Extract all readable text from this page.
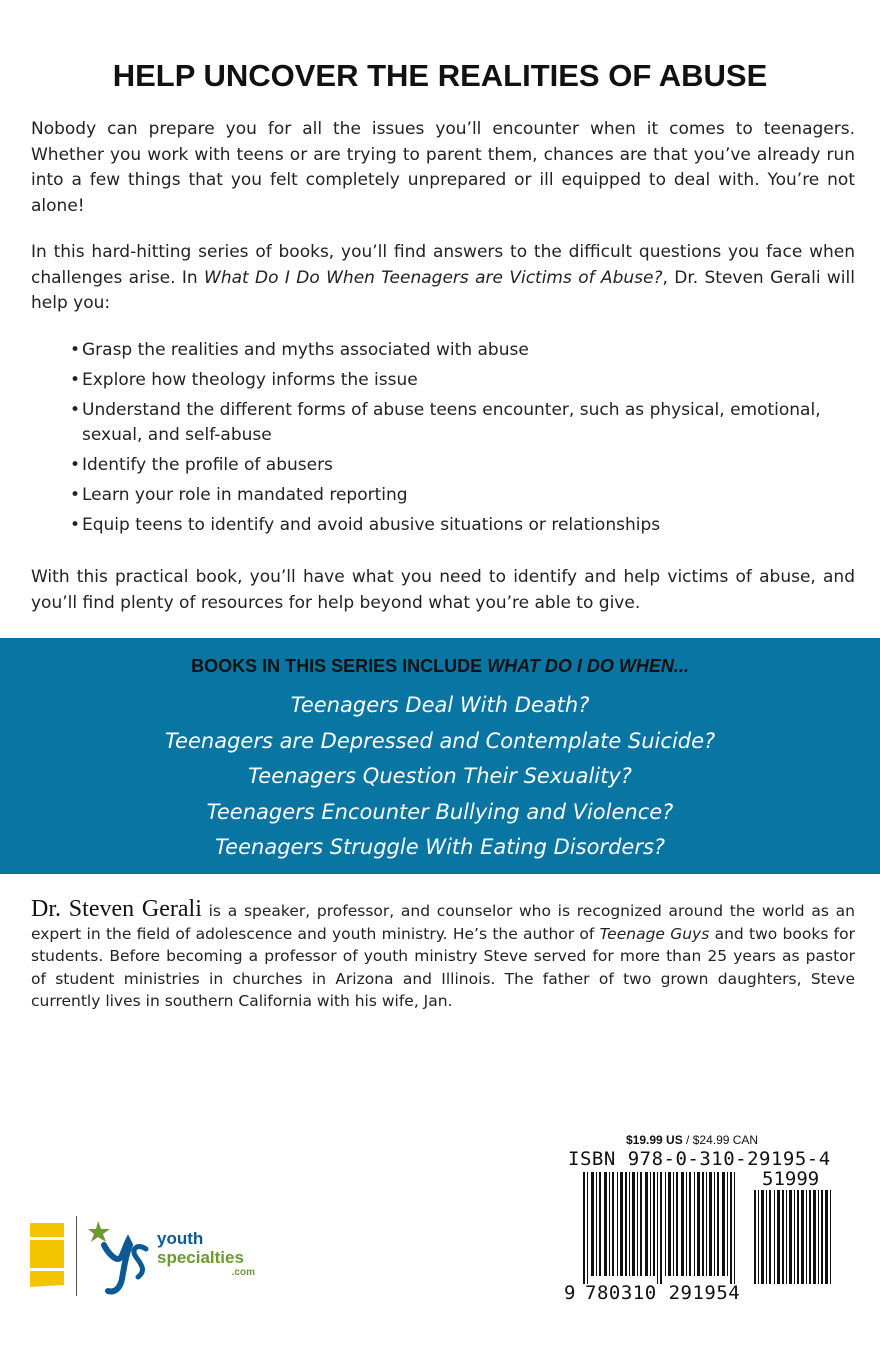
HELP UNCOVER THE REALITIES OF ABUSE

Nobody can prepare you for all the issues you’ll encounter when it comes to teenagers. Whether you work with teens or are trying to parent them, chances are that you’ve already run into a few things that you felt completely unprepared or ill equipped to deal with. You’re not alone!

In this hard-hitting series of books, you’ll find answers to the difficult questions you face when challenges arise. In What Do I Do When Teenagers are Victims of Abuse?, Dr. Steven Gerali will help you:

• Grasp the realities and myths associated with abuse
• Explore how theology informs the issue
• Understand the different forms of abuse teens encounter, such as physical, emotional, sexual, and self-abuse
• Identify the profile of abusers
• Learn your role in mandated reporting
• Equip teens to identify and avoid abusive situations or relationships

With this practical book, you’ll have what you need to identify and help victims of abuse, and you’ll find plenty of resources for help beyond what you’re able to give.

BOOKS IN THIS SERIES INCLUDE WHAT DO I DO WHEN...
Teenagers Deal With Death?
Teenagers are Depressed and Contemplate Suicide?
Teenagers Question Their Sexuality?
Teenagers Encounter Bullying and Violence?
Teenagers Struggle With Eating Disorders?

Dr. Steven Gerali is a speaker, professor, and counselor who is recognized around the world as an expert in the field of adolescence and youth ministry. He’s the author of Teenage Guys and two books for students. Before becoming a professor of youth ministry Steve served for more than 25 years as pastor of student ministries in churches in Arizona and Illinois. The father of two grown daughters, Steve currently lives in southern California with his wife, Jan.

$19.99 US / $24.99 CAN
ISBN 978-0-310-29195-4
51999
9 780310 291954
youth
specialties
.com
